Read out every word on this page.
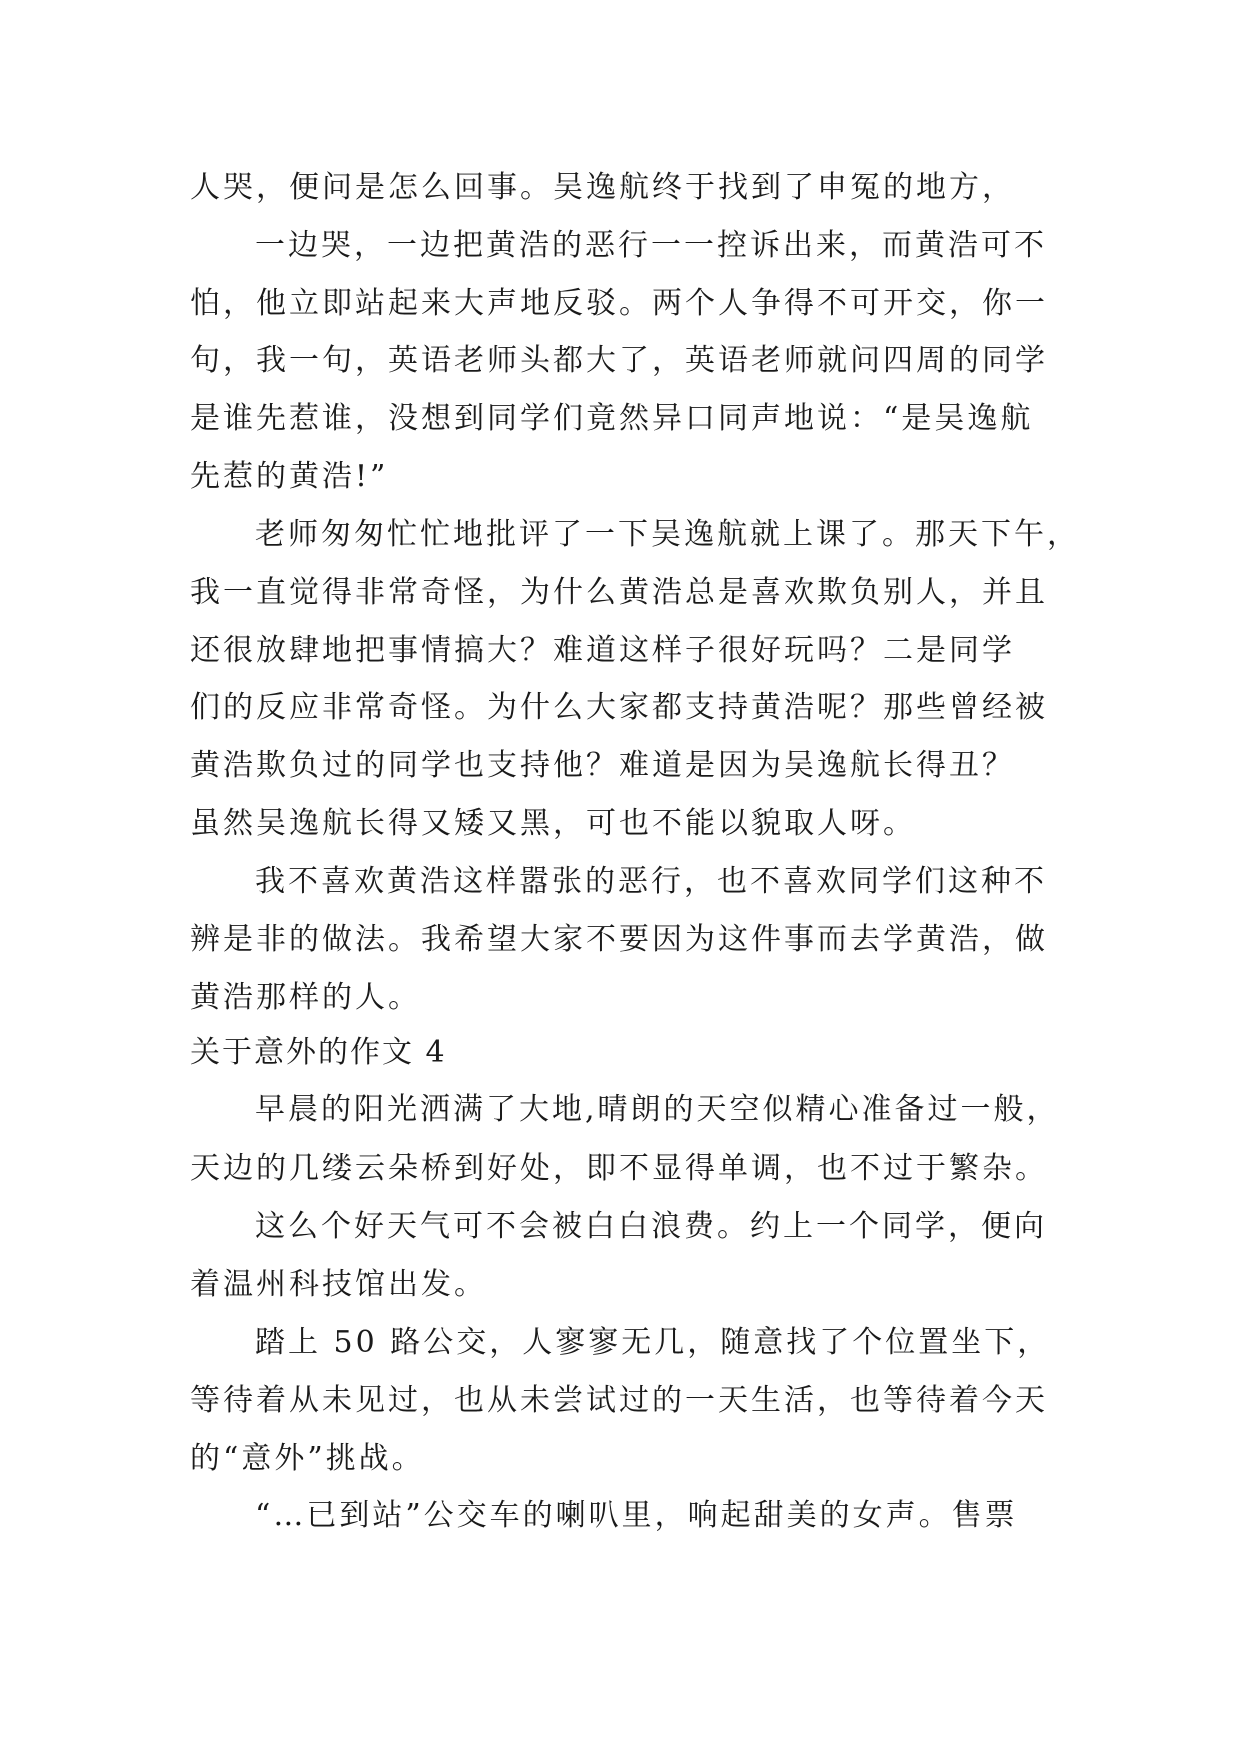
人哭，便问是怎么回事。吴逸航终于找到了申冤的地方，
一边哭，一边把黄浩的恶行一一控诉出来，而黄浩可不
怕，他立即站起来大声地反驳。两个人争得不可开交，你一
句，我一句，英语老师头都大了，英语老师就问四周的同学
是谁先惹谁，没想到同学们竟然异口同声地说：“是吴逸航
先惹的黄浩!”
老师匆匆忙忙地批评了一下吴逸航就上课了。那天下午，
我一直觉得非常奇怪，为什么黄浩总是喜欢欺负别人，并且
还很放肆地把事情搞大？难道这样子很好玩吗？二是同学
们的反应非常奇怪。为什么大家都支持黄浩呢？那些曾经被
黄浩欺负过的同学也支持他？难道是因为吴逸航长得丑？
虽然吴逸航长得又矮又黑，可也不能以貌取人呀。
我不喜欢黄浩这样嚣张的恶行，也不喜欢同学们这种不
辨是非的做法。我希望大家不要因为这件事而去学黄浩，做
黄浩那样的人。
关于意外的作文 4
早晨的阳光洒满了大地,晴朗的天空似精心准备过一般，
天边的几缕云朵桥到好处，即不显得单调，也不过于繁杂。
这么个好天气可不会被白白浪费。约上一个同学，便向
着温州科技馆出发。
踏上 50 路公交，人寥寥无几，随意找了个位置坐下，
等待着从未见过，也从未尝试过的一天生活，也等待着今天
的“意外”挑战。
“…已到站”公交车的喇叭里，响起甜美的女声。售票
